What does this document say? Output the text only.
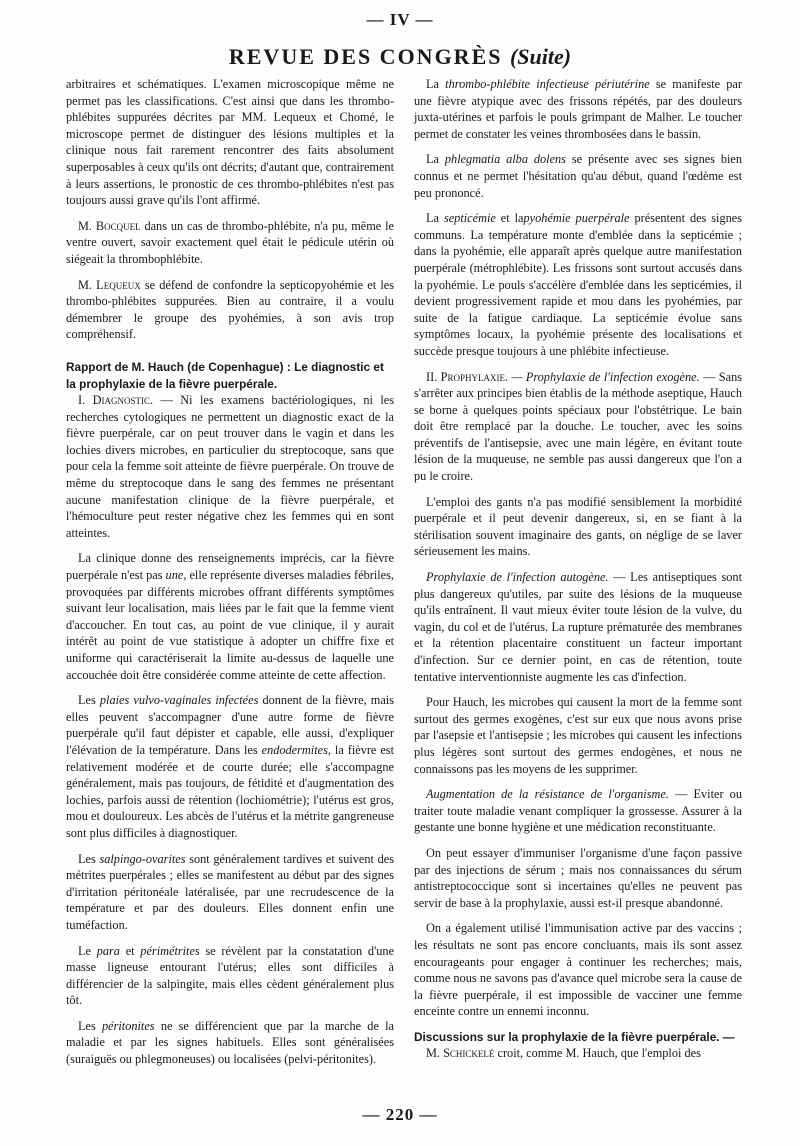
— IV —
REVUE DES CONGRÈS (Suite)

arbitraires et schématiques. L'examen microscopique même ne permet pas les classifications. C'est ainsi que dans les thrombo-phlébites suppurées décrites par MM. Lequeux et Chomé, le microscope permet de distinguer des lésions multiples et la clinique nous fait rarement rencontrer des faits absolument superposables à ceux qu'ils ont décrits; d'autant que, contrairement à leurs assertions, le pronostic de ces thrombo-phlébites n'est pas toujours aussi grave qu'ils l'ont affirmé.

M. Bocquel dans un cas de thrombo-phlébite, n'a pu, même le ventre ouvert, savoir exactement quel était le pédicule utérin où siégeait la thrombophlébite.

M. Lequeux se défend de confondre la septicopyohémie et les thrombo-phlébites suppurées. Bien au contraire, il a voulu démembrer le groupe des pyohémies, à son avis trop compréhensif.

Rapport de M. Hauch (de Copenhague) : Le diagnostic et la prophylaxie de la fièvre puerpérale.

I. Diagnostic. — Ni les examens bactériologiques, ni les recherches cytologiques ne permettent un diagnostic exact de la fièvre puerpérale, car on peut trouver dans le vagin et dans les lochies divers microbes, en particulier du streptocoque, sans que pour cela la femme soit atteinte de fièvre puerpérale. On trouve de même du streptocoque dans le sang des femmes ne présentant aucune manifestation clinique de la fièvre puerpérale, et l'hémoculture peut rester négative chez les femmes qui en sont atteintes.

La clinique donne des renseignements imprécis, car la fièvre puerpérale n'est pas une, elle représente diverses maladies fébriles, provoquées par différents microbes offrant différents symptômes suivant leur localisation, mais liées par le fait que la femme vient d'accoucher. En tout cas, au point de vue clinique, il y aurait intérêt au point de vue statistique à adopter un chiffre fixe et uniforme qui caractériserait la limite au-dessus de laquelle une accouchée doit être considérée comme atteinte de cette affection.

Les plaies vulvo-vaginales infectées donnent de la fièvre, mais elles peuvent s'accompagner d'une autre forme de fièvre puerpérale qu'il faut dépister et capable, elle aussi, d'expliquer l'élévation de la température. Dans les endodermites, la fièvre est relativement modérée et de courte durée; elle s'accompagne généralement, mais pas toujours, de fétidité et d'augmentation des lochies, parfois aussi de rétention (lochiométrie); l'utérus est gros, mou et douloureux. Les abcès de l'utérus et la métrite gangreneuse sont plus difficiles à diagnostiquer.

Les salpingo-ovarites sont généralement tardives et suivent des métrites puerpérales ; elles se manifestent au début par des signes d'irritation péritonéale latéralisée, par une recrudescence de la température et par des douleurs. Elles donnent enfin une tuméfaction.

Le para et périmétrites se révèlent par la constatation d'une masse ligneuse entourant l'utérus; elles sont difficiles à différencier de la salpingite, mais elles cèdent généralement plus tôt.

Les péritonites ne se différencient que par la marche de la maladie et par les signes habituels. Elles sont généralisées (suraiguës ou phlegmoneuses) ou localisées (pelvi-péritonites).

La thrombo-phlébite infectieuse périutérine se manifeste par une fièvre atypique avec des frissons répétés, par des douleurs juxta-utérines et parfois le pouls grimpant de Malher. Le toucher permet de constater les veines thrombosées dans le bassin.

La phlegmatia alba dolens se présente avec ses signes bien connus et ne permet l'hésitation qu'au début, quand l'œdème est peu prononcé.

La septicémie et lapyohémie puerpérale présentent des signes communs. La température monte d'emblée dans la septicémie ; dans la pyohémie, elle apparaît après quelque autre manifestation puerpérale (métrophlébite). Les frissons sont surtout accusés dans la pyohémie. Le pouls s'accélère d'emblée dans les septicémies, il devient progressivement rapide et mou dans les pyohémies, par suite de la fatigue cardiaque. La septicémie évolue sans symptômes locaux, la pyohémie présente des localisations et succède presque toujours à une phlébite infectieuse.

II. Prophylaxie. — Prophylaxie de l'infection exogène. — Sans s'arrêter aux principes bien établis de la méthode aseptique, Hauch se borne à quelques points spéciaux pour l'obstétrique. Le bain doit être remplacé par la douche. Le toucher, avec les soins préventifs de l'antisepsie, avec une main légère, en évitant toute lésion de la muqueuse, ne semble pas aussi dangereux que l'on a pu le croire.

L'emploi des gants n'a pas modifié sensiblement la morbidité puerpérale et il peut devenir dangereux, si, en se fiant à la stérilisation souvent imaginaire des gants, on néglige de se laver sérieusement les mains.

Prophylaxie de l'infection autogène. — Les antiseptiques sont plus dangereux qu'utiles, par suite des lésions de la muqueuse qu'ils entraînent. Il vaut mieux éviter toute lésion de la vulve, du vagin, du col et de l'utérus. La rupture prématurée des membranes et la rétention placentaire constituent un facteur important d'infection. Sur ce dernier point, en cas de rétention, toute tentative interventionniste augmente les cas d'infection.

Pour Hauch, les microbes qui causent la mort de la femme sont surtout des germes exogènes, c'est sur eux que nous avons prise par l'asepsie et l'antisepsie ; les microbes qui causent les infections plus légères sont surtout des germes endogènes, et nous ne connaissons pas les moyens de les supprimer.

Augmentation de la résistance de l'organisme. — Eviter ou traiter toute maladie venant compliquer la grossesse. Assurer à la gestante une bonne hygiène et une médication reconstituante.

On peut essayer d'immuniser l'organisme d'une façon passive par des injections de sérum ; mais nos connaissances du sérum antistreptococcique sont si incertaines qu'elles ne peuvent pas servir de base à la prophylaxie, aussi est-il presque abandonné.

On a également utilisé l'immunisation active par des vaccins ; les résultats ne sont pas encore concluants, mais ils sont assez encourageants pour engager à continuer les recherches; mais, comme nous ne savons pas d'avance quel microbe sera la cause de la fièvre puerpérale, il est impossible de vacciner une femme enceinte contre un ennemi inconnu.

Discussions sur la prophylaxie de la fièvre puerpérale. —

M. Schickelé croit, comme M. Hauch, que l'emploi des

— 220 —
